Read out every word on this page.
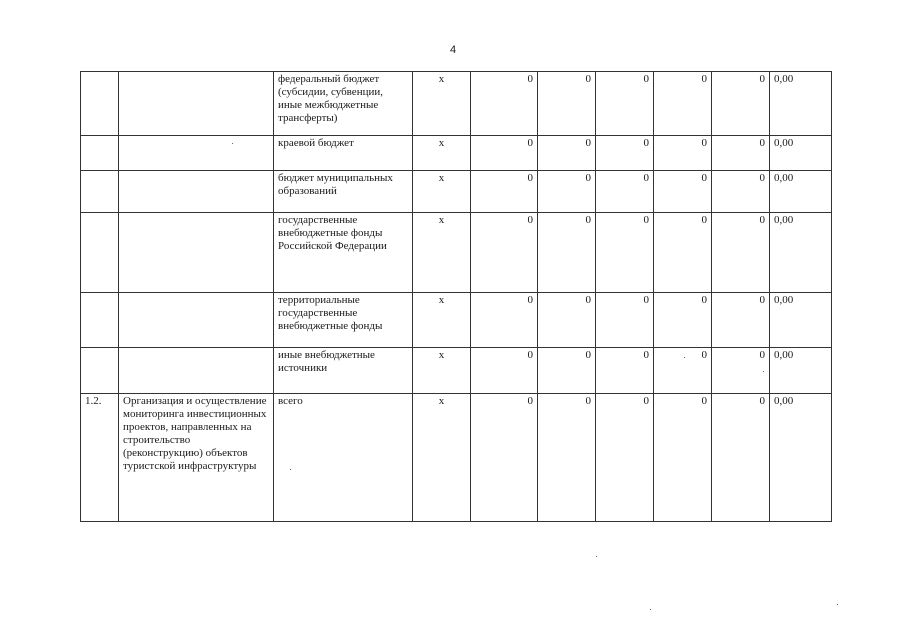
4
		федеральный бюджет (субсидии, субвенции, иные межбюджетные трансферты)	х	0	0	0	0	0	0,00
		краевой бюджет	х	0	0	0	0	0	0,00
		бюджет муниципальных образований	х	0	0	0	0	0	0,00
		государственные внебюджетные фонды Российской Федерации	х	0	0	0	0	0	0,00
		территориальные государственные внебюджетные фонды	х	0	0	0	0	0	0,00
		иные внебюджетные источники	х	0	0	0	0	0	0,00
1.2.	Организация и осуществление мониторинга инвестиционных проектов, направленных на строительство (реконструкцию) объектов туристской инфраструктуры	всего	х	0	0	0	0	0	0,00
